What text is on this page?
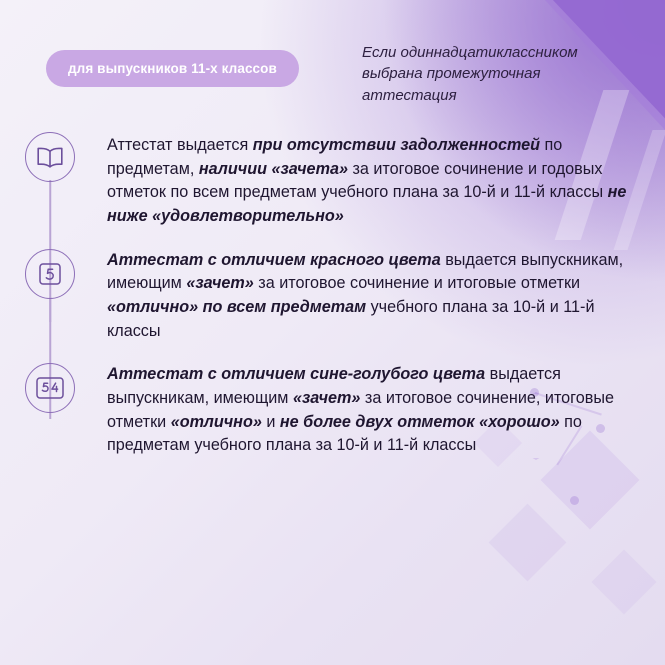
для выпускников 11-х классов
Если одиннадцатиклассником выбрана промежуточная аттестация
Аттестат выдается при отсутствии задолженностей по предметам, наличии «зачета» за итоговое сочинение и годовых отметок по всем предметам учебного плана за 10-й и 11-й классы не ниже «удовлетворительно»
Аттестат с отличием красного цвета выдается выпускникам, имеющим «зачет» за итоговое сочинение и итоговые отметки «отлично» по всем предметам учебного плана за 10-й и 11-й классы
Аттестат с отличием сине-голубого цвета выдается выпускникам, имеющим «зачет» за итоговое сочинение, итоговые отметки «отлично» и не более двух отметок «хорошо» по предметам учебного плана за 10-й и 11-й классы
